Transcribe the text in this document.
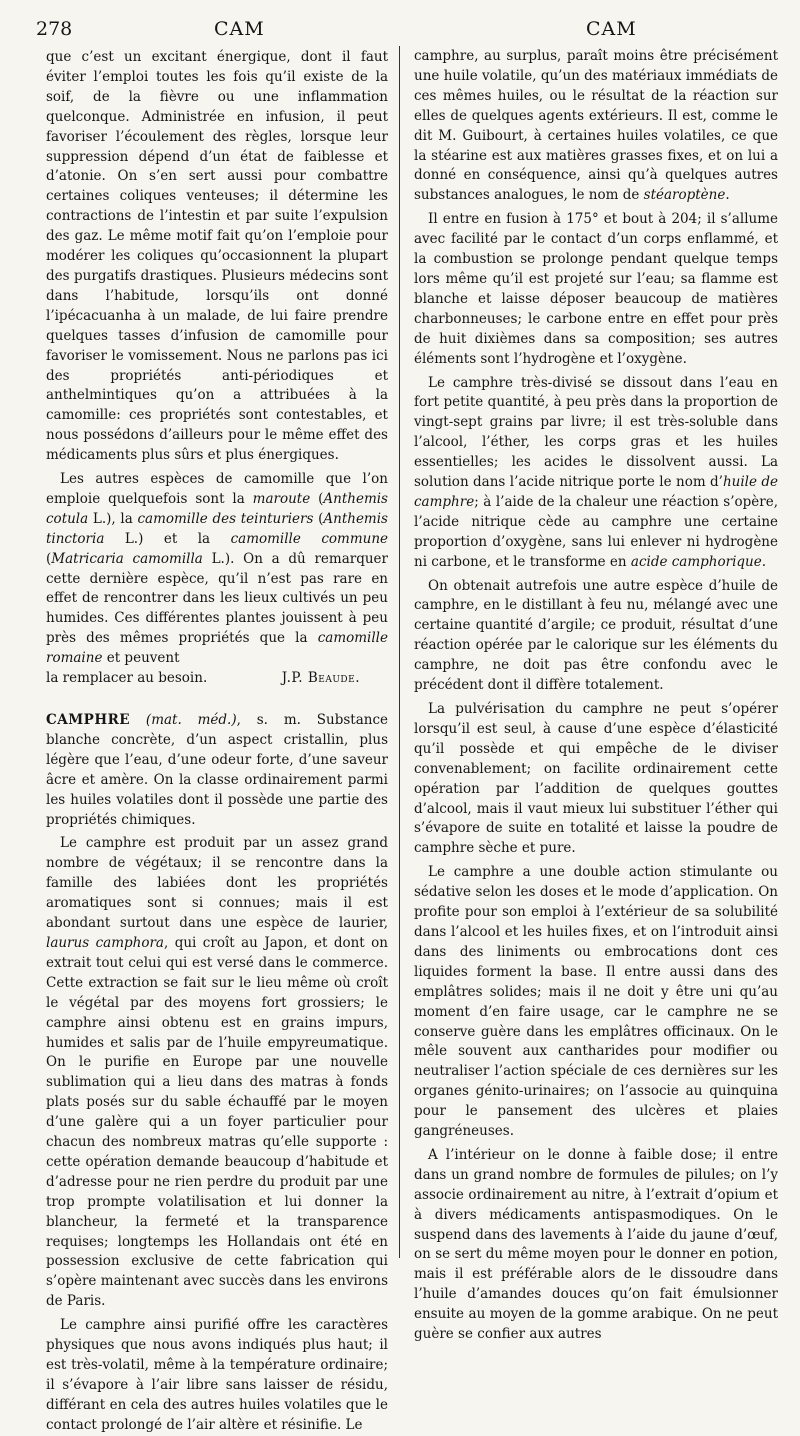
278	CAM	CAM

que c’est un excitant énergique, dont il faut éviter l’emploi toutes les fois qu’il existe de la soif, de la fièvre ou une inflammation quelconque. Administrée en infusion, il peut favoriser l’écoulement des règles, lorsque leur suppression dépend d’un état de faiblesse et d’atonie. On s’en sert aussi pour combattre certaines coliques venteuses; il détermine les contractions de l’intestin et par suite l’expulsion des gaz. Le même motif fait qu’on l’emploie pour modérer les coliques qu’occasionnent la plupart des purgatifs drastiques. Plusieurs médecins sont dans l’habitude, lorsqu’ils ont donné l’ipécacuanha à un malade, de lui faire prendre quelques tasses d’infusion de camomille pour favoriser le vomissement. Nous ne parlons pas ici des propriétés anti-périodiques et anthelmintiques qu’on a attribuées à la camomille: ces propriétés sont contestables, et nous possédons d’ailleurs pour le même effet des médicaments plus sûrs et plus énergiques.

Les autres espèces de camomille que l’on emploie quelquefois sont la maroute (Anthemis cotula L.), la camomille des teinturiers (Anthemis tinctoria L.) et la camomille commune (Matricaria camomilla L.). On a dû remarquer cette dernière espèce, qu’il n’est pas rare en effet de rencontrer dans les lieux cultivés un peu humides. Ces différentes plantes jouissent à peu près des mêmes propriétés que la camomille romaine et peuvent

la remplacer au besoin.	J.P. Beaude.

CAMPHRE (mat. méd.), s. m. Substance blanche concrète, d’un aspect cristallin, plus légère que l’eau, d’une odeur forte, d’une saveur âcre et amère. On la classe ordinairement parmi les huiles volatiles dont il possède une partie des propriétés chimiques.

Le camphre est produit par un assez grand nombre de végétaux; il se rencontre dans la famille des labiées dont les propriétés aromatiques sont si connues; mais il est abondant surtout dans une espèce de laurier, laurus camphora, qui croît au Japon, et dont on extrait tout celui qui est versé dans le commerce. Cette extraction se fait sur le lieu même où croît le végétal par des moyens fort grossiers; le camphre ainsi obtenu est en grains impurs, humides et salis par de l’huile empyreumatique. On le purifie en Europe par une nouvelle sublimation qui a lieu dans des matras à fonds plats posés sur du sable échauffé par le moyen d’une galère qui a un foyer particulier pour chacun des nombreux matras qu’elle supporte : cette opération demande beaucoup d’habitude et d’adresse pour ne rien perdre du produit par une trop prompte volatilisation et lui donner la blancheur, la fermeté et la transparence requises; longtemps les Hollandais ont été en possession exclusive de cette fabrication qui s’opère maintenant avec succès dans les environs de Paris.

Le camphre ainsi purifié offre les caractères physiques que nous avons indiqués plus haut; il est très-volatil, même à la température ordinaire; il s’évapore à l’air libre sans laisser de résidu, différant en cela des autres huiles volatiles que le contact prolongé de l’air altère et résinifie. Le

camphre, au surplus, paraît moins être précisément une huile volatile, qu’un des matériaux immédiats de ces mêmes huiles, ou le résultat de la réaction sur elles de quelques agents extérieurs. Il est, comme le dit M. Guibourt, à certaines huiles volatiles, ce que la stéarine est aux matières grasses fixes, et on lui a donné en conséquence, ainsi qu’à quelques autres substances analogues, le nom de stéaroptène.

Il entre en fusion à 175° et bout à 204; il s’allume avec facilité par le contact d’un corps enflammé, et la combustion se prolonge pendant quelque temps lors même qu’il est projeté sur l’eau; sa flamme est blanche et laisse déposer beaucoup de matières charbonneuses; le carbone entre en effet pour près de huit dixièmes dans sa composition; ses autres éléments sont l’hydrogène et l’oxygène.

Le camphre très-divisé se dissout dans l’eau en fort petite quantité, à peu près dans la proportion de vingt-sept grains par livre; il est très-soluble dans l’alcool, l’éther, les corps gras et les huiles essentielles; les acides le dissolvent aussi. La solution dans l’acide nitrique porte le nom d’huile de camphre; à l’aide de la chaleur une réaction s’opère, l’acide nitrique cède au camphre une certaine proportion d’oxygène, sans lui enlever ni hydrogène ni carbone, et le transforme en acide camphorique.

On obtenait autrefois une autre espèce d’huile de camphre, en le distillant à feu nu, mélangé avec une certaine quantité d’argile; ce produit, résultat d’une réaction opérée par le calorique sur les éléments du camphre, ne doit pas être confondu avec le précédent dont il diffère totalement.

La pulvérisation du camphre ne peut s’opérer lorsqu’il est seul, à cause d’une espèce d’élasticité qu’il possède et qui empêche de le diviser convenablement; on facilite ordinairement cette opération par l’addition de quelques gouttes d’alcool, mais il vaut mieux lui substituer l’éther qui s’évapore de suite en totalité et laisse la poudre de camphre sèche et pure.

Le camphre a une double action stimulante ou sédative selon les doses et le mode d’application. On profite pour son emploi à l’extérieur de sa solubilité dans l’alcool et les huiles fixes, et on l’introduit ainsi dans des liniments ou embrocations dont ces liquides forment la base. Il entre aussi dans des emplâtres solides; mais il ne doit y être uni qu’au moment d’en faire usage, car le camphre ne se conserve guère dans les emplâtres officinaux. On le mêle souvent aux cantharides pour modifier ou neutraliser l’action spéciale de ces dernières sur les organes génito-urinaires; on l’associe au quinquina pour le pansement des ulcères et plaies gangréneuses.

A l’intérieur on le donne à faible dose; il entre dans un grand nombre de formules de pilules; on l’y associe ordinairement au nitre, à l’extrait d’opium et à divers médicaments antispasmodiques. On le suspend dans des lavements à l’aide du jaune d’œuf, on se sert du même moyen pour le donner en potion, mais il est préférable alors de le dissoudre dans l’huile d’amandes douces qu’on fait émulsionner ensuite au moyen de la gomme arabique. On ne peut guère se confier aux autres
